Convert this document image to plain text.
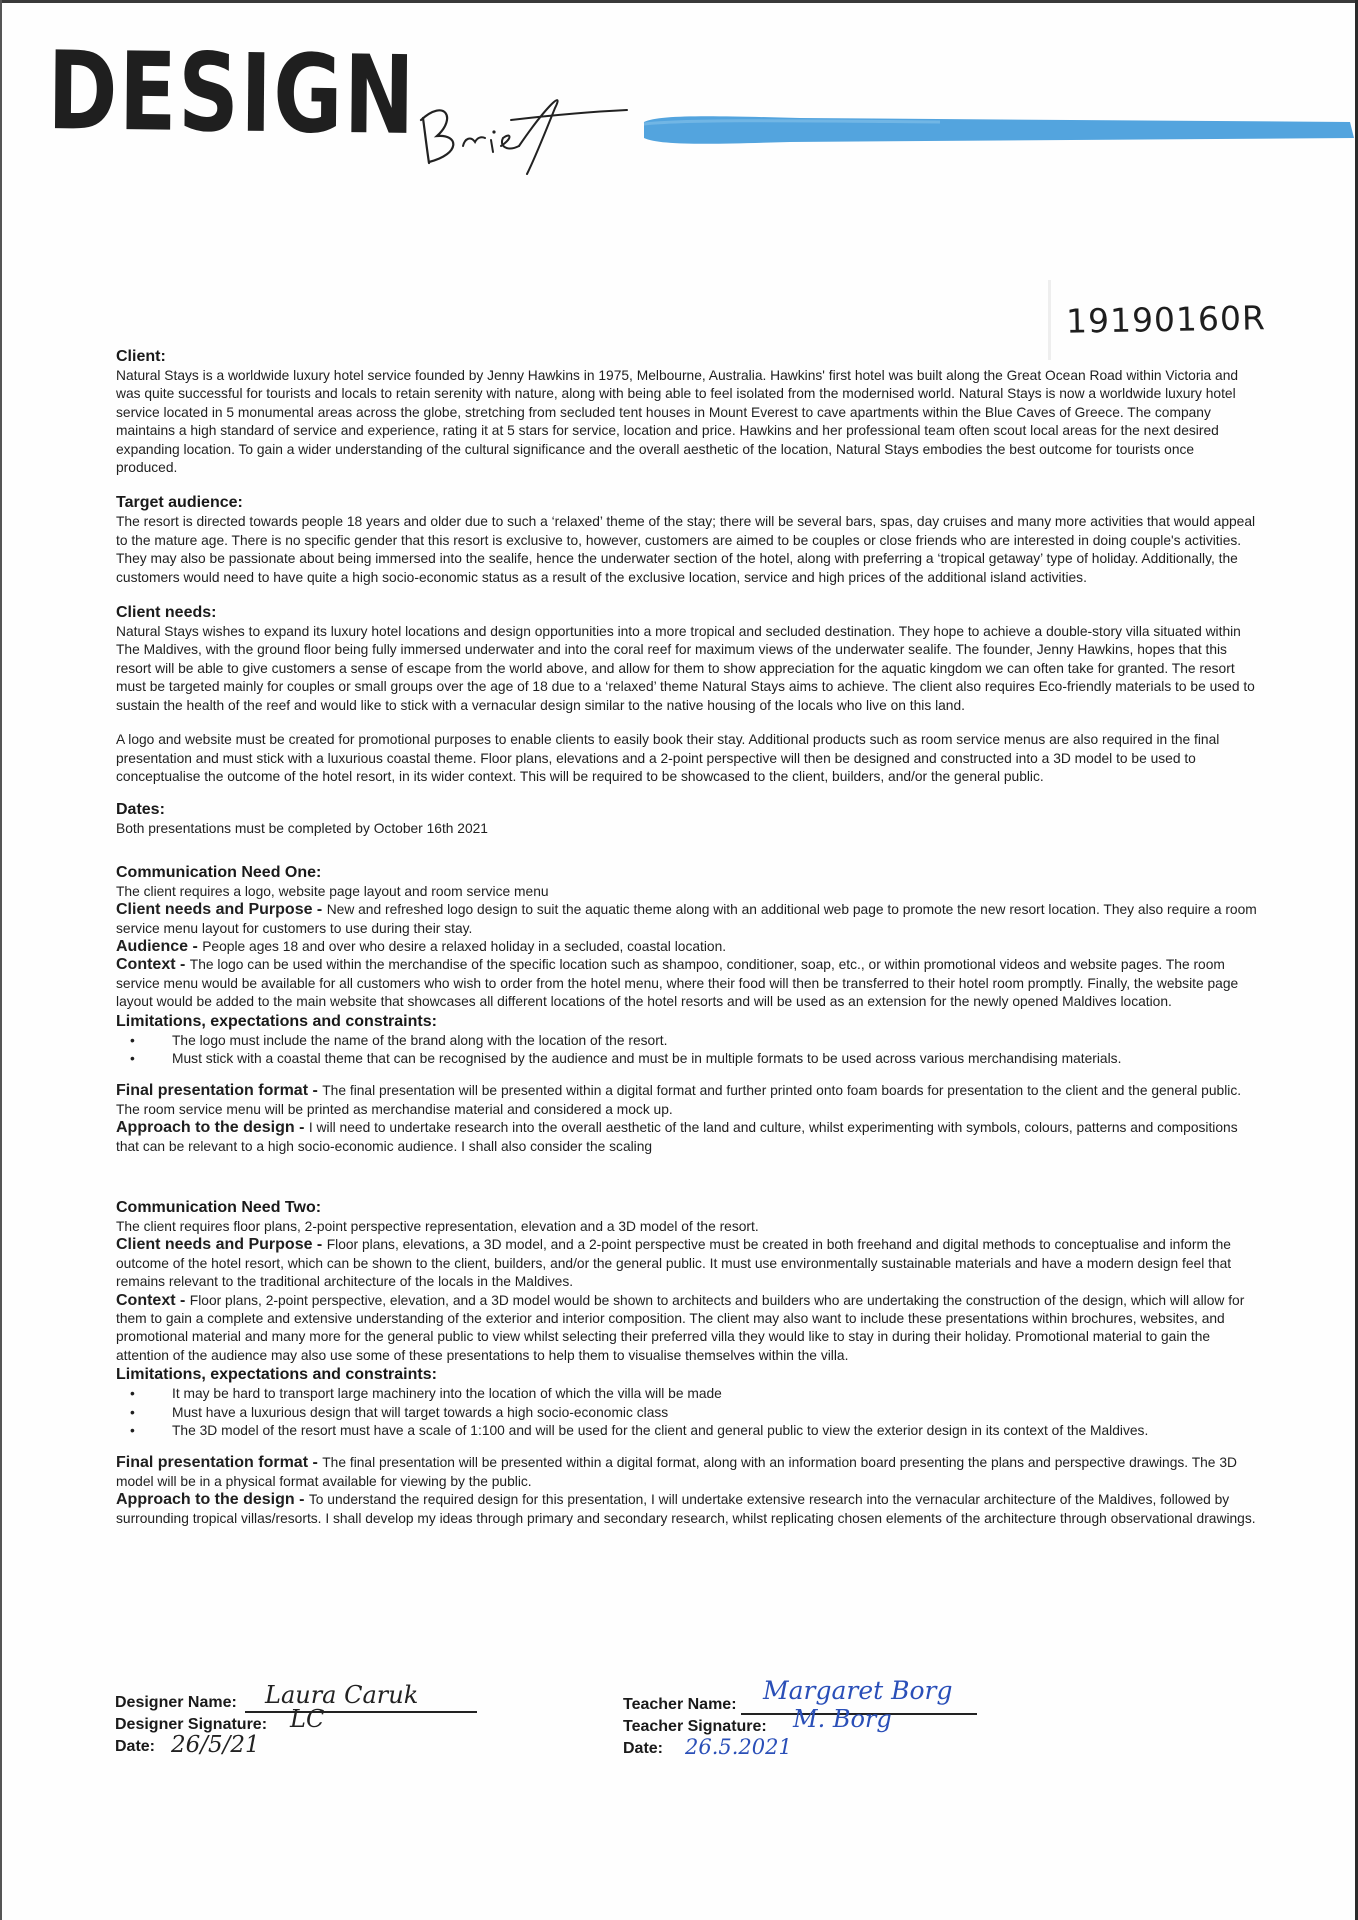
DESIGN
19190160R
Client:

Natural Stays is a worldwide luxury hotel service founded by Jenny Hawkins in 1975, Melbourne, Australia. Hawkins' first hotel was built along the Great Ocean Road within Victoria and was quite successful for tourists and locals to retain serenity with nature, along with being able to feel isolated from the modernised world. Natural Stays is now a worldwide luxury hotel service located in 5 monumental areas across the globe, stretching from secluded tent houses in Mount Everest to cave apartments within the Blue Caves of Greece. The company maintains a high standard of service and experience, rating it at 5 stars for service, location and price. Hawkins and her professional team often scout local areas for the next desired expanding location. To gain a wider understanding of the cultural significance and the overall aesthetic of the location, Natural Stays embodies the best outcome for tourists once produced.

Target audience:

The resort is directed towards people 18 years and older due to such a ‘relaxed’ theme of the stay; there will be several bars, spas, day cruises and many more activities that would appeal to the mature age. There is no specific gender that this resort is exclusive to, however, customers are aimed to be couples or close friends who are interested in doing couple's activities. They may also be passionate about being immersed into the sealife, hence the underwater section of the hotel, along with preferring a ‘tropical getaway’ type of holiday. Additionally, the customers would need to have quite a high socio-economic status as a result of the exclusive location, service and high prices of the additional island activities.

Client needs:

Natural Stays wishes to expand its luxury hotel locations and design opportunities into a more tropical and secluded destination. They hope to achieve a double-story villa situated within The Maldives, with the ground floor being fully immersed underwater and into the coral reef for maximum views of the underwater sealife. The founder, Jenny Hawkins, hopes that this resort will be able to give customers a sense of escape from the world above, and allow for them to show appreciation for the aquatic kingdom we can often take for granted. The resort must be targeted mainly for couples or small groups over the age of 18 due to a ‘relaxed’ theme Natural Stays aims to achieve. The client also requires Eco-friendly materials to be used to sustain the health of the reef and would like to stick with a vernacular design similar to the native housing of the locals who live on this land.

A logo and website must be created for promotional purposes to enable clients to easily book their stay. Additional products such as room service menus are also required in the final presentation and must stick with a luxurious coastal theme. Floor plans, elevations and a 2-point perspective will then be designed and constructed into a 3D model to be used to conceptualise the outcome of the hotel resort, in its wider context. This will be required to be showcased to the client, builders, and/or the general public.

Dates:

Both presentations must be completed by October 16th 2021

Communication Need One:

The client requires a logo, website page layout and room service menu

Client needs and Purpose - New and refreshed logo design to suit the aquatic theme along with an additional web page to promote the new resort location. They also require a room service menu layout for customers to use during their stay.

Audience - People ages 18 and over who desire a relaxed holiday in a secluded, coastal location.

Context - The logo can be used within the merchandise of the specific location such as shampoo, conditioner, soap, etc., or within promotional videos and website pages. The room service menu would be available for all customers who wish to order from the hotel menu, where their food will then be transferred to their hotel room promptly. Finally, the website page layout would be added to the main website that showcases all different locations of the hotel resorts and will be used as an extension for the newly opened Maldives location.

Limitations, expectations and constraints:
• The logo must include the name of the brand along with the location of the resort.
• Must stick with a coastal theme that can be recognised by the audience and must be in multiple formats to be used across various merchandising materials.

Final presentation format - The final presentation will be presented within a digital format and further printed onto foam boards for presentation to the client and the general public. The room service menu will be printed as merchandise material and considered a mock up.

Approach to the design - I will need to undertake research into the overall aesthetic of the land and culture, whilst experimenting with symbols, colours, patterns and compositions that can be relevant to a high socio-economic audience. I shall also consider the scaling

Communication Need Two:

The client requires floor plans, 2-point perspective representation, elevation and a 3D model of the resort.

Client needs and Purpose - Floor plans, elevations, a 3D model, and a 2-point perspective must be created in both freehand and digital methods to conceptualise and inform the outcome of the hotel resort, which can be shown to the client, builders, and/or the general public. It must use environmentally sustainable materials and have a modern design feel that remains relevant to the traditional architecture of the locals in the Maldives.

Context - Floor plans, 2-point perspective, elevation, and a 3D model would be shown to architects and builders who are undertaking the construction of the design, which will allow for them to gain a complete and extensive understanding of the exterior and interior composition. The client may also want to include these presentations within brochures, websites, and promotional material and many more for the general public to view whilst selecting their preferred villa they would like to stay in during their holiday. Promotional material to gain the attention of the audience may also use some of these presentations to help them to visualise themselves within the villa.

Limitations, expectations and constraints:
• It may be hard to transport large machinery into the location of which the villa will be made
• Must have a luxurious design that will target towards a high socio-economic class
• The 3D model of the resort must have a scale of 1:100 and will be used for the client and general public to view the exterior design in its context of the Maldives.

Final presentation format - The final presentation will be presented within a digital format, along with an information board presenting the plans and perspective drawings. The 3D model will be in a physical format available for viewing by the public.

Approach to the design - To understand the required design for this presentation, I will undertake extensive research into the vernacular architecture of the Maldives, followed by surrounding tropical villas/resorts. I shall develop my ideas through primary and secondary research, whilst replicating chosen elements of the architecture through observational drawings.

Designer Name: Laura Caruk
Designer Signature: LC
Date: 26/5/21
Teacher Name: Margaret Borg
Teacher Signature: M. Borg
Date: 26.5.2021
